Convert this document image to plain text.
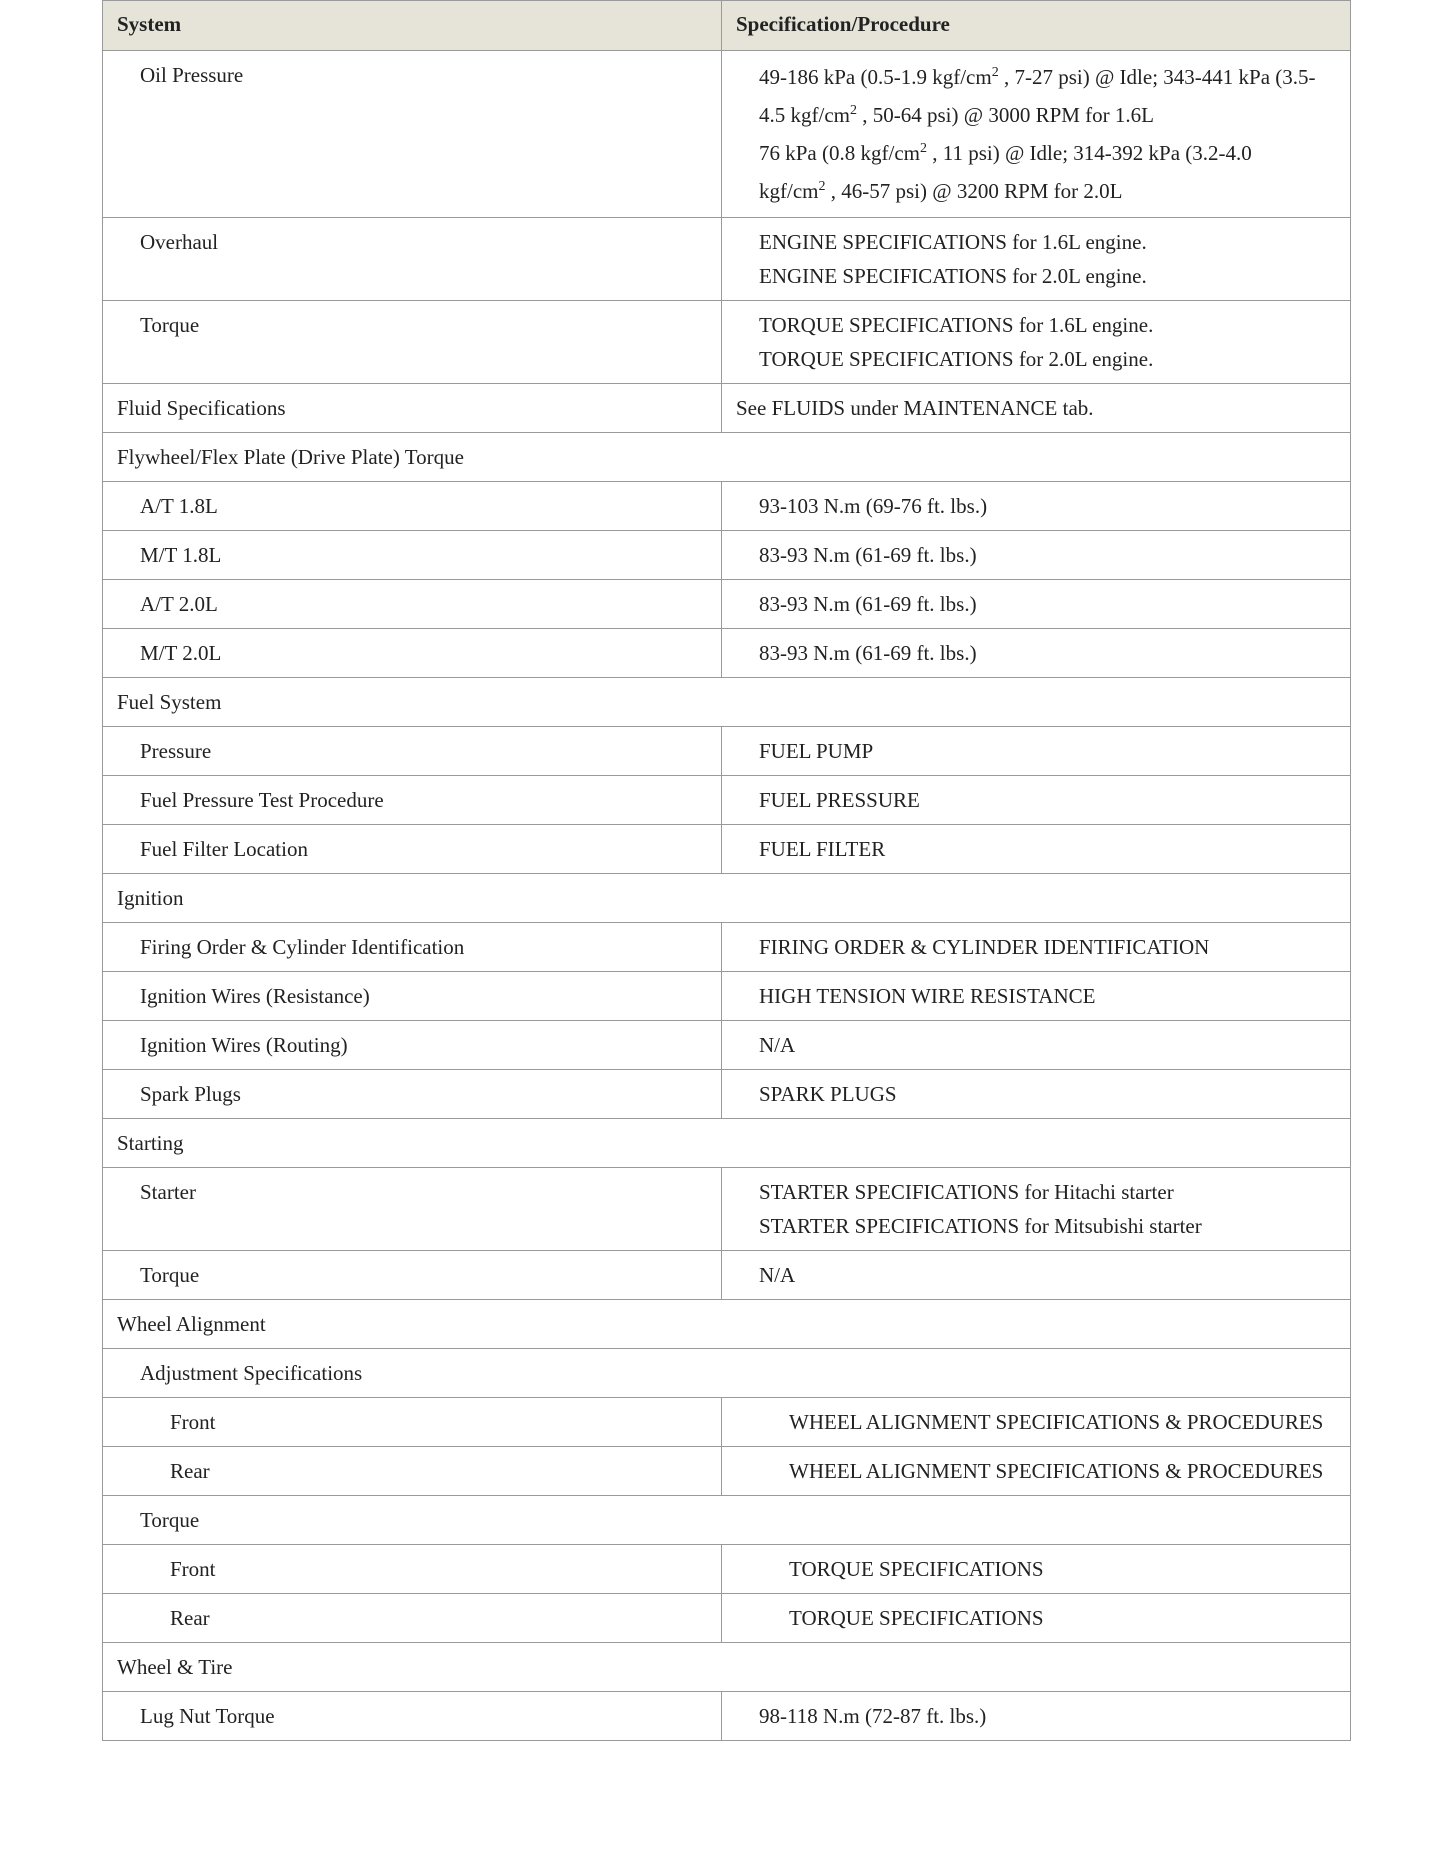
System	Specification/Procedure
Oil Pressure	49-186 kPa (0.5-1.9 kgf/$cm^2$ , 7-27 psi) @ Idle; 343-441 kPa (3.5-
4.5 kgf/$cm^2$ , 50-64 psi) @ 3000 RPM for 1.6L
76 kPa (0.8 kgf/$cm^2$ , 11 psi) @ Idle; 314-392 kPa (3.2-4.0
kgf/$cm^2$ , 46-57 psi) @ 3200 RPM for 2.0L

Overhaul	ENGINE SPECIFICATIONS for 1.6L engine.
ENGINE SPECIFICATIONS for 2.0L engine.

Torque	TORQUE SPECIFICATIONS for 1.6L engine.
TORQUE SPECIFICATIONS for 2.0L engine.

Fluid Specifications	See FLUIDS under MAINTENANCE tab.
Flywheel/Flex Plate (Drive Plate) Torque	
A/T 1.8L	93-103 N.m (69-76 ft. lbs.)
M/T 1.8L	83-93 N.m (61-69 ft. lbs.)
A/T 2.0L	83-93 N.m (61-69 ft. lbs.)
M/T 2.0L	83-93 N.m (61-69 ft. lbs.)
Fuel System	
Pressure	FUEL PUMP
Fuel Pressure Test Procedure	FUEL PRESSURE
Fuel Filter Location	FUEL FILTER
Ignition	
Firing Order & Cylinder Identification	FIRING ORDER & CYLINDER IDENTIFICATION
Ignition Wires (Resistance)	HIGH TENSION WIRE RESISTANCE
Ignition Wires (Routing)	N/A
Spark Plugs	SPARK PLUGS
Starting	
Starter	STARTER SPECIFICATIONS for Hitachi starter
STARTER SPECIFICATIONS for Mitsubishi starter

Torque	N/A
Wheel Alignment	
Adjustment Specifications	
Front	WHEEL ALIGNMENT SPECIFICATIONS & PROCEDURES
Rear	WHEEL ALIGNMENT SPECIFICATIONS & PROCEDURES
Torque	
Front	TORQUE SPECIFICATIONS
Rear	TORQUE SPECIFICATIONS
Wheel & Tire	
Lug Nut Torque	98-118 N.m (72-87 ft. lbs.)
